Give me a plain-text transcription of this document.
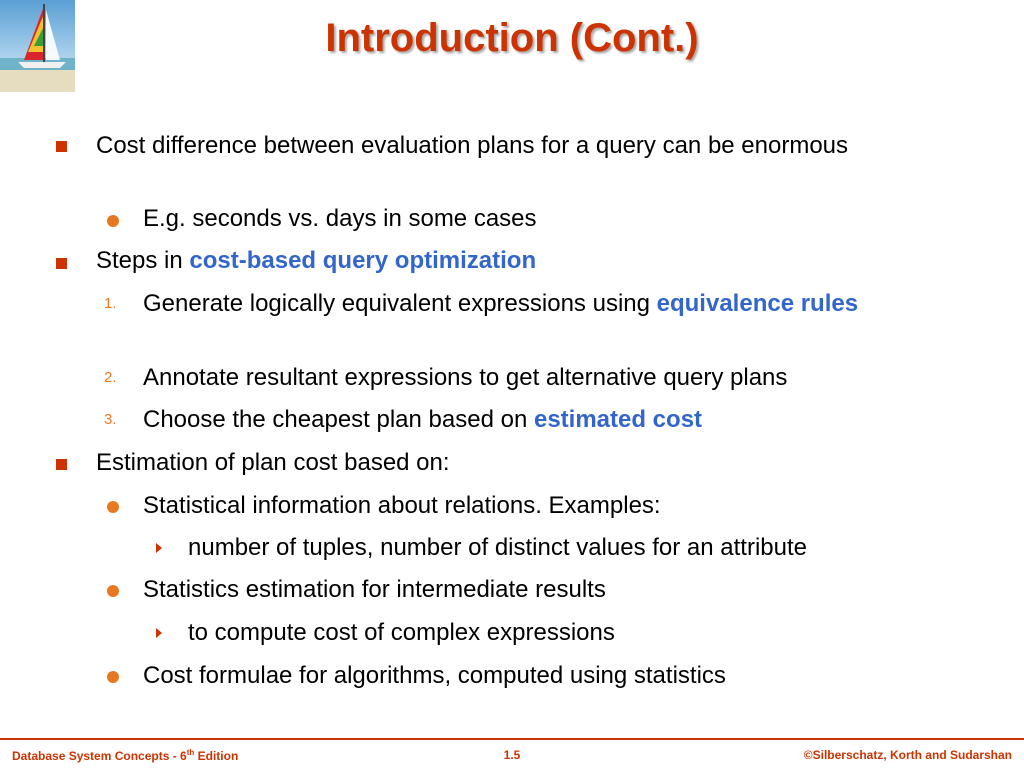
Introduction (Cont.)
Cost difference between evaluation plans for a query can be enormous
E.g. seconds vs. days in some cases
Steps in cost-based query optimization
1. Generate logically equivalent expressions using equivalence rules
2. Annotate resultant expressions to get alternative query plans
3. Choose the cheapest plan based on estimated cost
Estimation of plan cost based on:
Statistical information about relations. Examples:
number of tuples, number of distinct values for an attribute
Statistics estimation for intermediate results
to compute cost of complex expressions
Cost formulae for algorithms, computed using statistics
Database System Concepts - 6th Edition	1.5	©Silberschatz, Korth and Sudarshan
